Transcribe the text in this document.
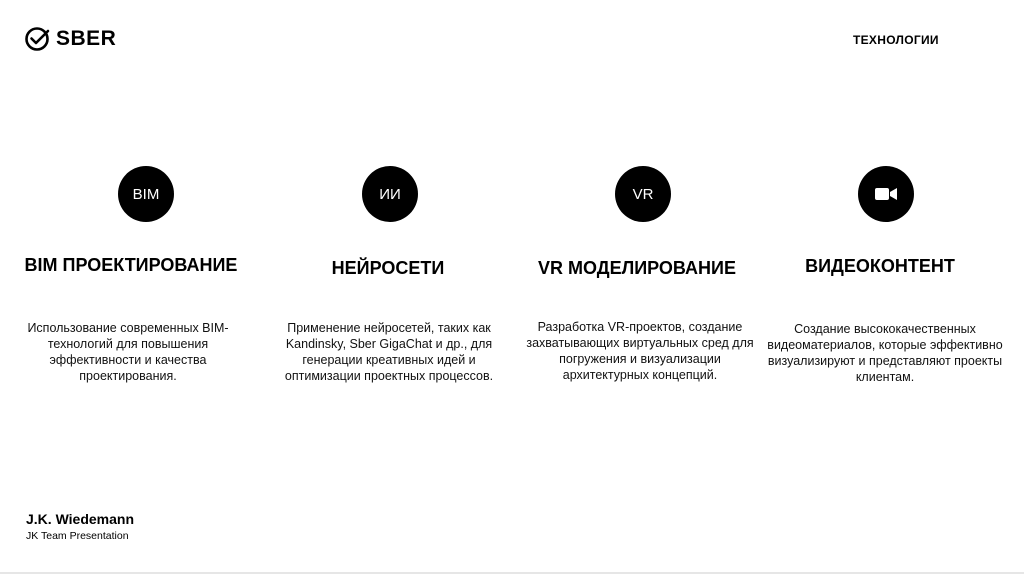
SBER	ТЕХНОЛОГИИ
BIM
BIM ПРОЕКТИРОВАНИЕ
Использование современных BIM-технологий для повышения эффективности и качества проектирования.
ИИ
НЕЙРОСЕТИ
Применение нейросетей, таких как Kandinsky, Sber GigaChat и др., для генерации креативных идей и оптимизации проектных процессов.
VR
VR МОДЕЛИРОВАНИЕ
Разработка VR-проектов, создание захватывающих виртуальных сред для погружения и визуализации архитектурных концепций.
ВИДЕОКОНТЕНТ
Создание высококачественных видеоматериалов, которые эффективно визуализируют и представляют проекты клиентам.
J.K. Wiedemann
JK Team Presentation
